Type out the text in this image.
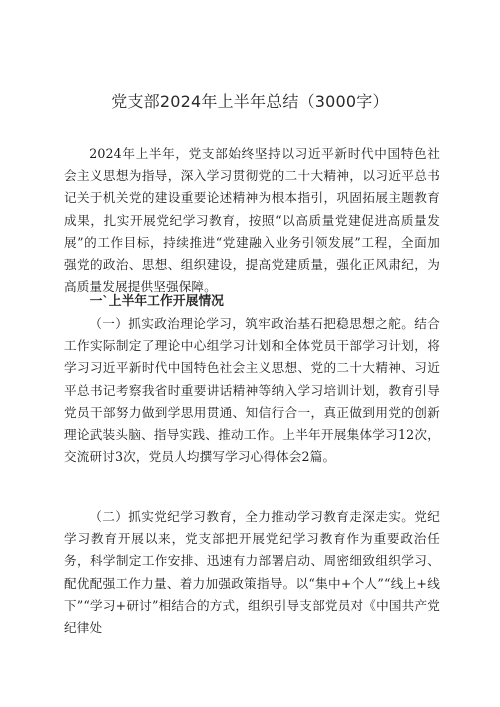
党支部2024年上半年总结（3000字）

2024年上半年，党支部始终坚持以习近平新时代中国特色社会主义思想为指导，深入学习贯彻党的二十大精神，以习近平总书记关于机关党的建设重要论述精神为根本指引，巩固拓展主题教育成果，扎实开展党纪学习教育，按照“以高质量党建促进高质量发展”的工作目标，持续推进“党建融入业务引领发展”工程，全面加强党的政治、思想、组织建设，提高党建质量，强化正风肃纪，为高质量发展提供坚强保障。

一`上半年工作开展情况

（一）抓实政治理论学习，筑牢政治基石把稳思想之舵。结合工作实际制定了理论中心组学习计划和全体党员干部学习计划，将学习习近平新时代中国特色社会主义思想、党的二十大精神、习近平总书记考察我省时重要讲话精神等纳入学习培训计划，教育引导党员干部努力做到学思用贯通、知信行合一，真正做到用党的创新理论武装头脑、指导实践、推动工作。上半年开展集体学习12次，交流研讨3次，党员人均撰写学习心得体会2篇。

（二）抓实党纪学习教育，全力推动学习教育走深走实。党纪学习教育开展以来，党支部把开展党纪学习教育作为重要政治任务，科学制定工作安排、迅速有力部署启动、周密细致组织学习、配优配强工作力量、着力加强政策指导。以“集中+个人”“线上+线下”“学习+研讨”相结合的方式，组织引导支部党员对《中国共产党纪律处
